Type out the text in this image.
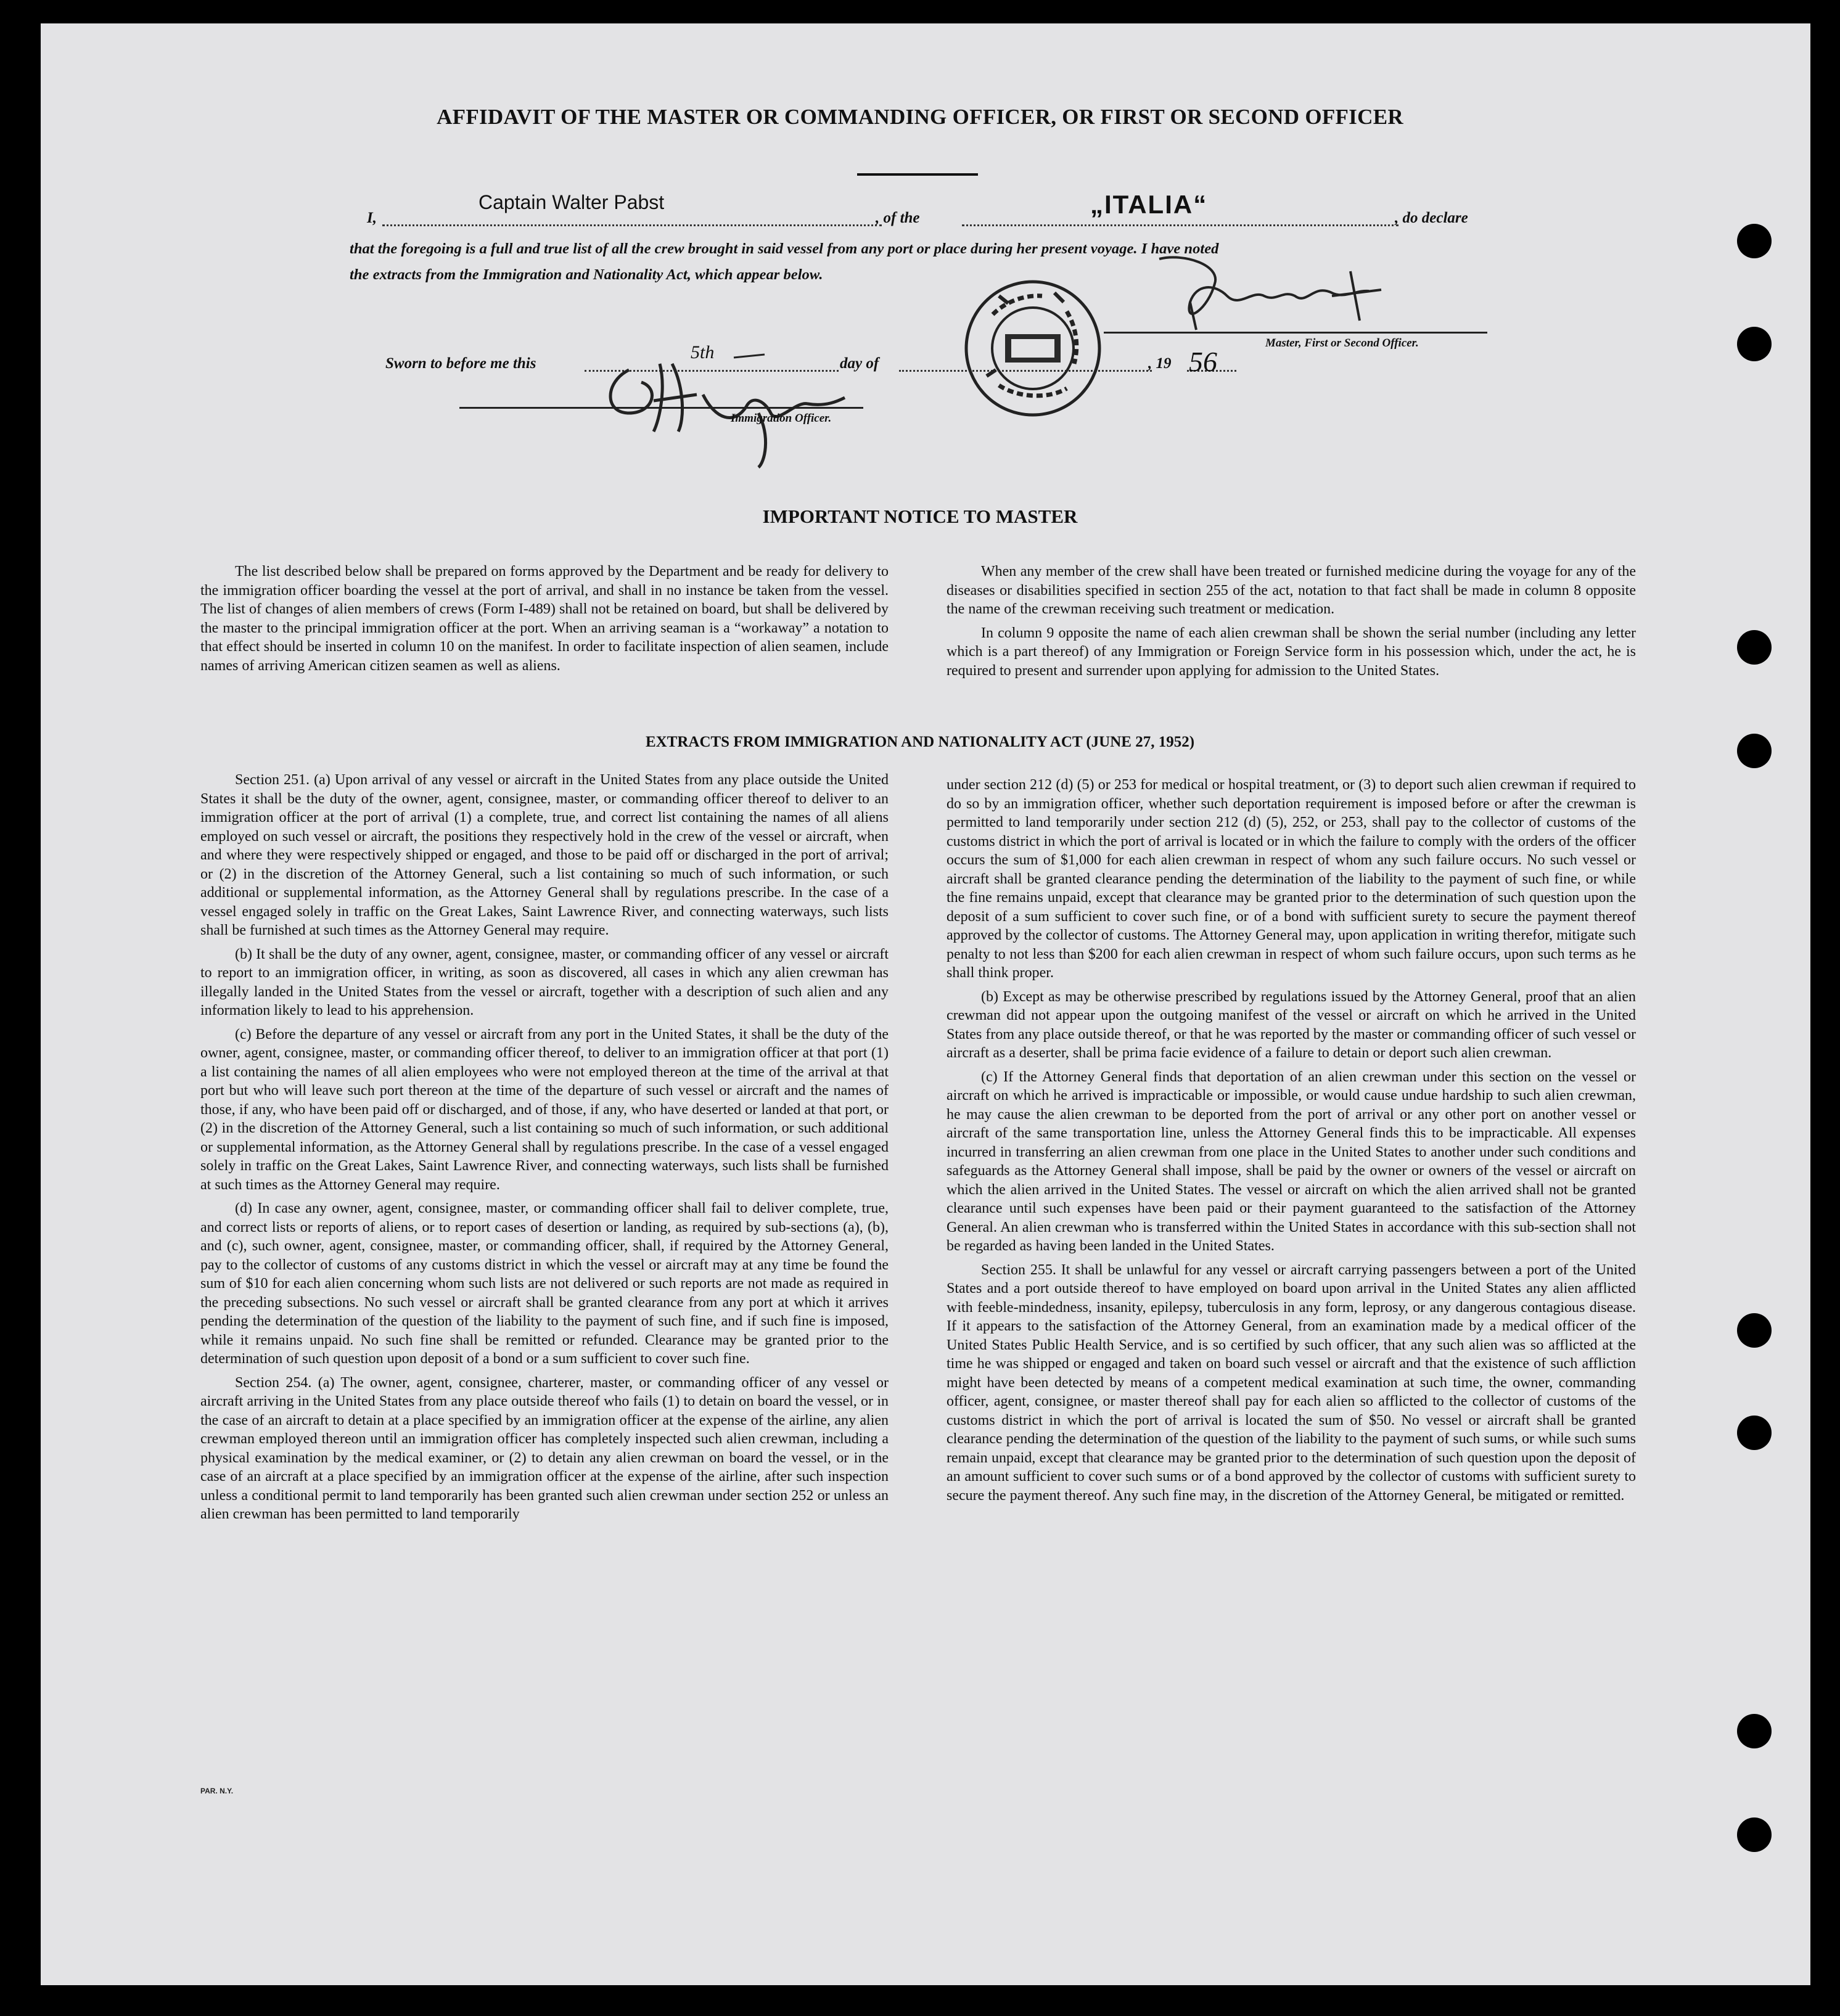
AFFIDAVIT OF THE MASTER OR COMMANDING OFFICER, OR FIRST OR SECOND OFFICER
I,
Captain Walter Pabst
, of the	„ITALIA“	, do declare
that the foregoing is a full and true list of all the crew brought in said vessel from any port or place during her present voyage. I have noted
the extracts from the Immigration and Nationality Act, which appear below.
Master, First or Second Officer.
Sworn to before me this
5th
day of	, 19 56
Immigration Officer.
IMPORTANT NOTICE TO MASTER

The list described below shall be prepared on forms approved by the Department and be ready for delivery to the immigration officer boarding the vessel at the port of arrival, and shall in no instance be taken from the vessel. The list of changes of alien members of crews (Form I-489) shall not be retained on board, but shall be delivered by the master to the principal immigration officer at the port. When an arriving seaman is a “workaway” a notation to that effect should be inserted in column 10 on the manifest. In order to facilitate inspection of alien seamen, include names of arriving American citizen seamen as well as aliens.

When any member of the crew shall have been treated or furnished medicine during the voyage for any of the diseases or disabilities specified in section 255 of the act, notation to that fact shall be made in column 8 opposite the name of the crewman receiving such treatment or medication.

In column 9 opposite the name of each alien crewman shall be shown the serial number (including any letter which is a part thereof) of any Immigration or Foreign Service form in his possession which, under the act, he is required to present and surrender upon applying for admission to the United States.

EXTRACTS FROM IMMIGRATION AND NATIONALITY ACT (JUNE 27, 1952)

Section 251. (a) Upon arrival of any vessel or aircraft in the United States from any place outside the United States it shall be the duty of the owner, agent, consignee, master, or commanding officer thereof to deliver to an immigration officer at the port of arrival (1) a complete, true, and correct list containing the names of all aliens employed on such vessel or aircraft, the positions they respectively hold in the crew of the vessel or aircraft, when and where they were respectively shipped or engaged, and those to be paid off or discharged in the port of arrival; or (2) in the discretion of the Attorney General, such a list containing so much of such information, or such additional or supplemental information, as the Attorney General shall by regulations prescribe. In the case of a vessel engaged solely in traffic on the Great Lakes, Saint Lawrence River, and connecting waterways, such lists shall be furnished at such times as the Attorney General may require.

(b) It shall be the duty of any owner, agent, consignee, master, or commanding officer of any vessel or aircraft to report to an immigration officer, in writing, as soon as discovered, all cases in which any alien crewman has illegally landed in the United States from the vessel or aircraft, together with a description of such alien and any information likely to lead to his apprehension.

(c) Before the departure of any vessel or aircraft from any port in the United States, it shall be the duty of the owner, agent, consignee, master, or commanding officer thereof, to deliver to an immigration officer at that port (1) a list containing the names of all alien employees who were not employed thereon at the time of the arrival at that port but who will leave such port thereon at the time of the departure of such vessel or aircraft and the names of those, if any, who have been paid off or discharged, and of those, if any, who have deserted or landed at that port, or (2) in the discretion of the Attorney General, such a list containing so much of such information, or such additional or supplemental information, as the Attorney General shall by regulations prescribe. In the case of a vessel engaged solely in traffic on the Great Lakes, Saint Lawrence River, and connecting waterways, such lists shall be furnished at such times as the Attorney General may require.

(d) In case any owner, agent, consignee, master, or commanding officer shall fail to deliver complete, true, and correct lists or reports of aliens, or to report cases of desertion or landing, as required by sub-sections (a), (b), and (c), such owner, agent, consignee, master, or commanding officer, shall, if required by the Attorney General, pay to the collector of customs of any customs district in which the vessel or aircraft may at any time be found the sum of $10 for each alien concerning whom such lists are not delivered or such reports are not made as required in the preceding subsections. No such vessel or aircraft shall be granted clearance from any port at which it arrives pending the determination of the question of the liability to the payment of such fine, and if such fine is imposed, while it remains unpaid. No such fine shall be remitted or refunded. Clearance may be granted prior to the determination of such question upon deposit of a bond or a sum sufficient to cover such fine.

Section 254. (a) The owner, agent, consignee, charterer, master, or commanding officer of any vessel or aircraft arriving in the United States from any place outside thereof who fails (1) to detain on board the vessel, or in the case of an aircraft to detain at a place specified by an immigration officer at the expense of the airline, any alien crewman employed thereon until an immigration officer has completely inspected such alien crewman, including a physical examination by the medical examiner, or (2) to detain any alien crewman on board the vessel, or in the case of an aircraft at a place specified by an immigration officer at the expense of the airline, after such inspection unless a conditional permit to land temporarily has been granted such alien crewman under section 252 or unless an alien crewman has been permitted to land temporarily

under section 212 (d) (5) or 253 for medical or hospital treatment, or (3) to deport such alien crewman if required to do so by an immigration officer, whether such deportation requirement is imposed before or after the crewman is permitted to land temporarily under section 212 (d) (5), 252, or 253, shall pay to the collector of customs of the customs district in which the port of arrival is located or in which the failure to comply with the orders of the officer occurs the sum of $1,000 for each alien crewman in respect of whom any such failure occurs. No such vessel or aircraft shall be granted clearance pending the determination of the liability to the payment of such fine, or while the fine remains unpaid, except that clearance may be granted prior to the determination of such question upon the deposit of a sum sufficient to cover such fine, or of a bond with sufficient surety to secure the payment thereof approved by the collector of customs. The Attorney General may, upon application in writing therefor, mitigate such penalty to not less than $200 for each alien crewman in respect of whom such failure occurs, upon such terms as he shall think proper.

(b) Except as may be otherwise prescribed by regulations issued by the Attorney General, proof that an alien crewman did not appear upon the outgoing manifest of the vessel or aircraft on which he arrived in the United States from any place outside thereof, or that he was reported by the master or commanding officer of such vessel or aircraft as a deserter, shall be prima facie evidence of a failure to detain or deport such alien crewman.

(c) If the Attorney General finds that deportation of an alien crewman under this section on the vessel or aircraft on which he arrived is impracticable or impossible, or would cause undue hardship to such alien crewman, he may cause the alien crewman to be deported from the port of arrival or any other port on another vessel or aircraft of the same transportation line, unless the Attorney General finds this to be impracticable. All expenses incurred in transferring an alien crewman from one place in the United States to another under such conditions and safeguards as the Attorney General shall impose, shall be paid by the owner or owners of the vessel or aircraft on which the alien arrived in the United States. The vessel or aircraft on which the alien arrived shall not be granted clearance until such expenses have been paid or their payment guaranteed to the satisfaction of the Attorney General. An alien crewman who is transferred within the United States in accordance with this sub-section shall not be regarded as having been landed in the United States.

Section 255. It shall be unlawful for any vessel or aircraft carrying passengers between a port of the United States and a port outside thereof to have employed on board upon arrival in the United States any alien afflicted with feeble-mindedness, insanity, epilepsy, tuberculosis in any form, leprosy, or any dangerous contagious disease. If it appears to the satisfaction of the Attorney General, from an examination made by a medical officer of the United States Public Health Service, and is so certified by such officer, that any such alien was so afflicted at the time he was shipped or engaged and taken on board such vessel or aircraft and that the existence of such affliction might have been detected by means of a competent medical examination at such time, the owner, commanding officer, agent, consignee, or master thereof shall pay for each alien so afflicted to the collector of customs of the customs district in which the port of arrival is located the sum of $50. No vessel or aircraft shall be granted clearance pending the determination of the question of the liability to the payment of such sums, or while such sums remain unpaid, except that clearance may be granted prior to the determination of such question upon the deposit of an amount sufficient to cover such sums or of a bond approved by the collector of customs with sufficient surety to secure the payment thereof. Any such fine may, in the discretion of the Attorney General, be mitigated or remitted.

PAR. N.Y.
